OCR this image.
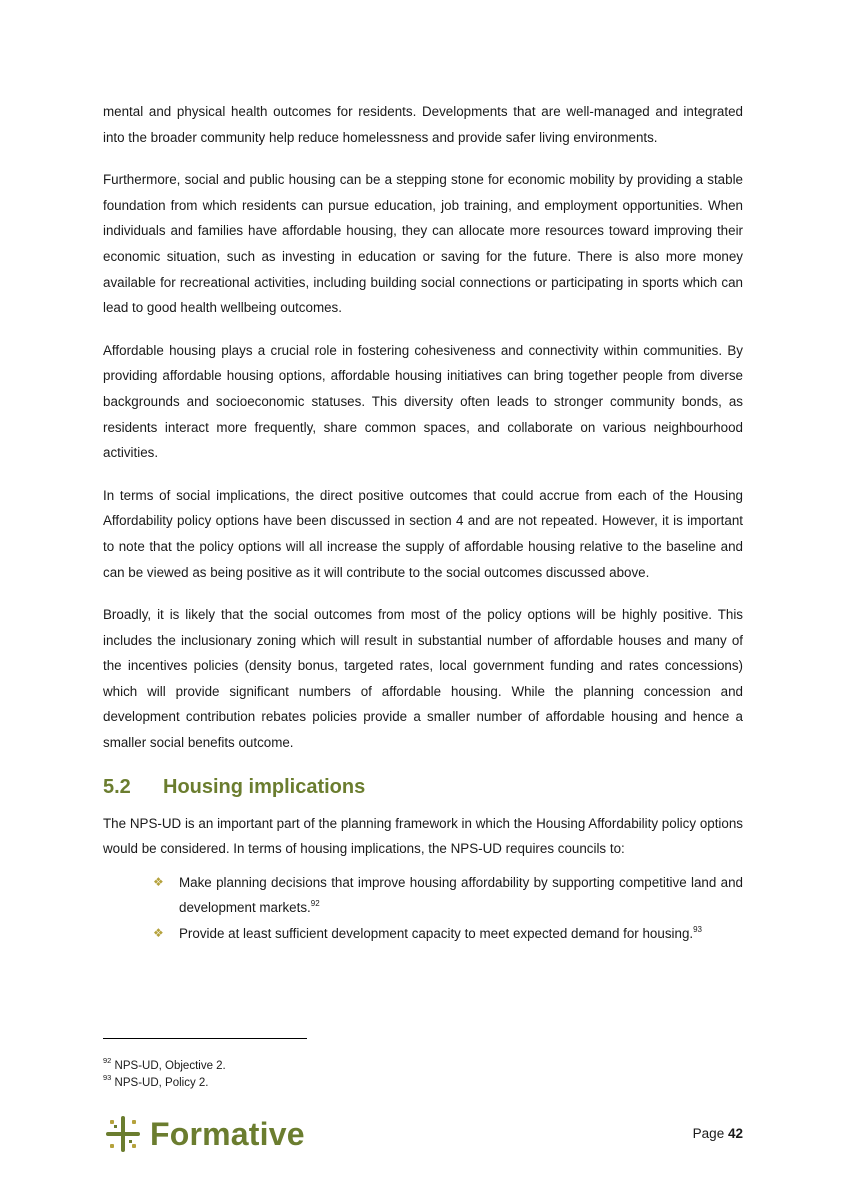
mental and physical health outcomes for residents. Developments that are well-managed and integrated into the broader community help reduce homelessness and provide safer living environments.

Furthermore, social and public housing can be a stepping stone for economic mobility by providing a stable foundation from which residents can pursue education, job training, and employment opportunities. When individuals and families have affordable housing, they can allocate more resources toward improving their economic situation, such as investing in education or saving for the future. There is also more money available for recreational activities, including building social connections or participating in sports which can lead to good health wellbeing outcomes.

Affordable housing plays a crucial role in fostering cohesiveness and connectivity within communities. By providing affordable housing options, affordable housing initiatives can bring together people from diverse backgrounds and socioeconomic statuses. This diversity often leads to stronger community bonds, as residents interact more frequently, share common spaces, and collaborate on various neighbourhood activities.

In terms of social implications, the direct positive outcomes that could accrue from each of the Housing Affordability policy options have been discussed in section 4 and are not repeated. However, it is important to note that the policy options will all increase the supply of affordable housing relative to the baseline and can be viewed as being positive as it will contribute to the social outcomes discussed above.

Broadly, it is likely that the social outcomes from most of the policy options will be highly positive. This includes the inclusionary zoning which will result in substantial number of affordable houses and many of the incentives policies (density bonus, targeted rates, local government funding and rates concessions) which will provide significant numbers of affordable housing. While the planning concession and development contribution rebates policies provide a smaller number of affordable housing and hence a smaller social benefits outcome.

5.2	Housing implications

The NPS-UD is an important part of the planning framework in which the Housing Affordability policy options would be considered. In terms of housing implications, the NPS-UD requires councils to:

❖	Make planning decisions that improve housing affordability by supporting competitive land and development markets.$^{92}$
❖	Provide at least sufficient development capacity to meet expected demand for housing.$^{93}$
$^{92}$ NPS-UD, Objective 2.
$^{93}$ NPS-UD, Policy 2.
Formative	Page 42
